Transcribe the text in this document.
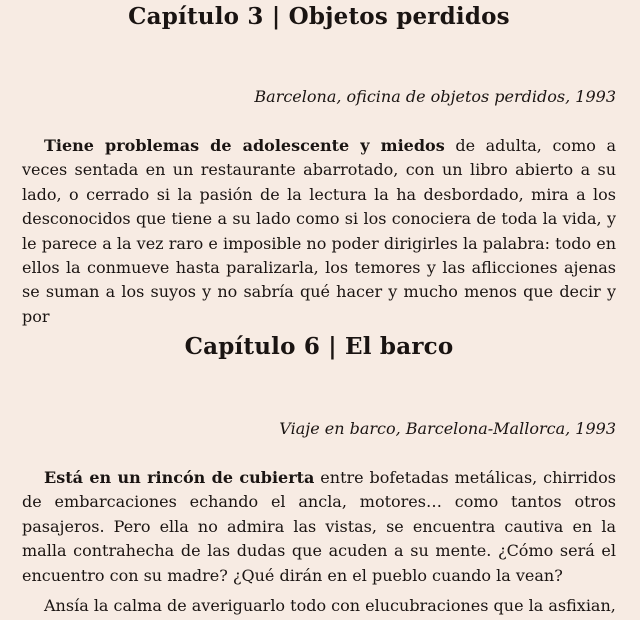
Capítulo 3 | Objetos perdidos

Barcelona, oficina de objetos perdidos, 1993

Tiene problemas de adolescente y miedos de adulta, como a veces sentada en un restaurante abarrotado, con un libro abierto a su lado, o cerrado si la pasión de la lectura la ha desbordado, mira a los desconocidos que tiene a su lado como si los conociera de toda la vida, y le parece a la vez raro e imposible no poder dirigirles la palabra: todo en ellos la conmueve hasta paralizarla, los temores y las aflicciones ajenas se suman a los suyos y no sabría qué hacer y mucho menos que decir y por

Capítulo 6 | El barco

Viaje en barco, Barcelona-Mallorca, 1993

Está en un rincón de cubierta entre bofetadas metálicas, chirridos de embarcaciones echando el ancla, motores… como tantos otros pasajeros. Pero ella no admira las vistas, se encuentra cautiva en la malla contrahecha de las dudas que acuden a su mente. ¿Cómo será el encuentro con su madre? ¿Qué dirán en el pueblo cuando la vean?

Ansía la calma de averiguarlo todo con elucubraciones que la asfixian,
